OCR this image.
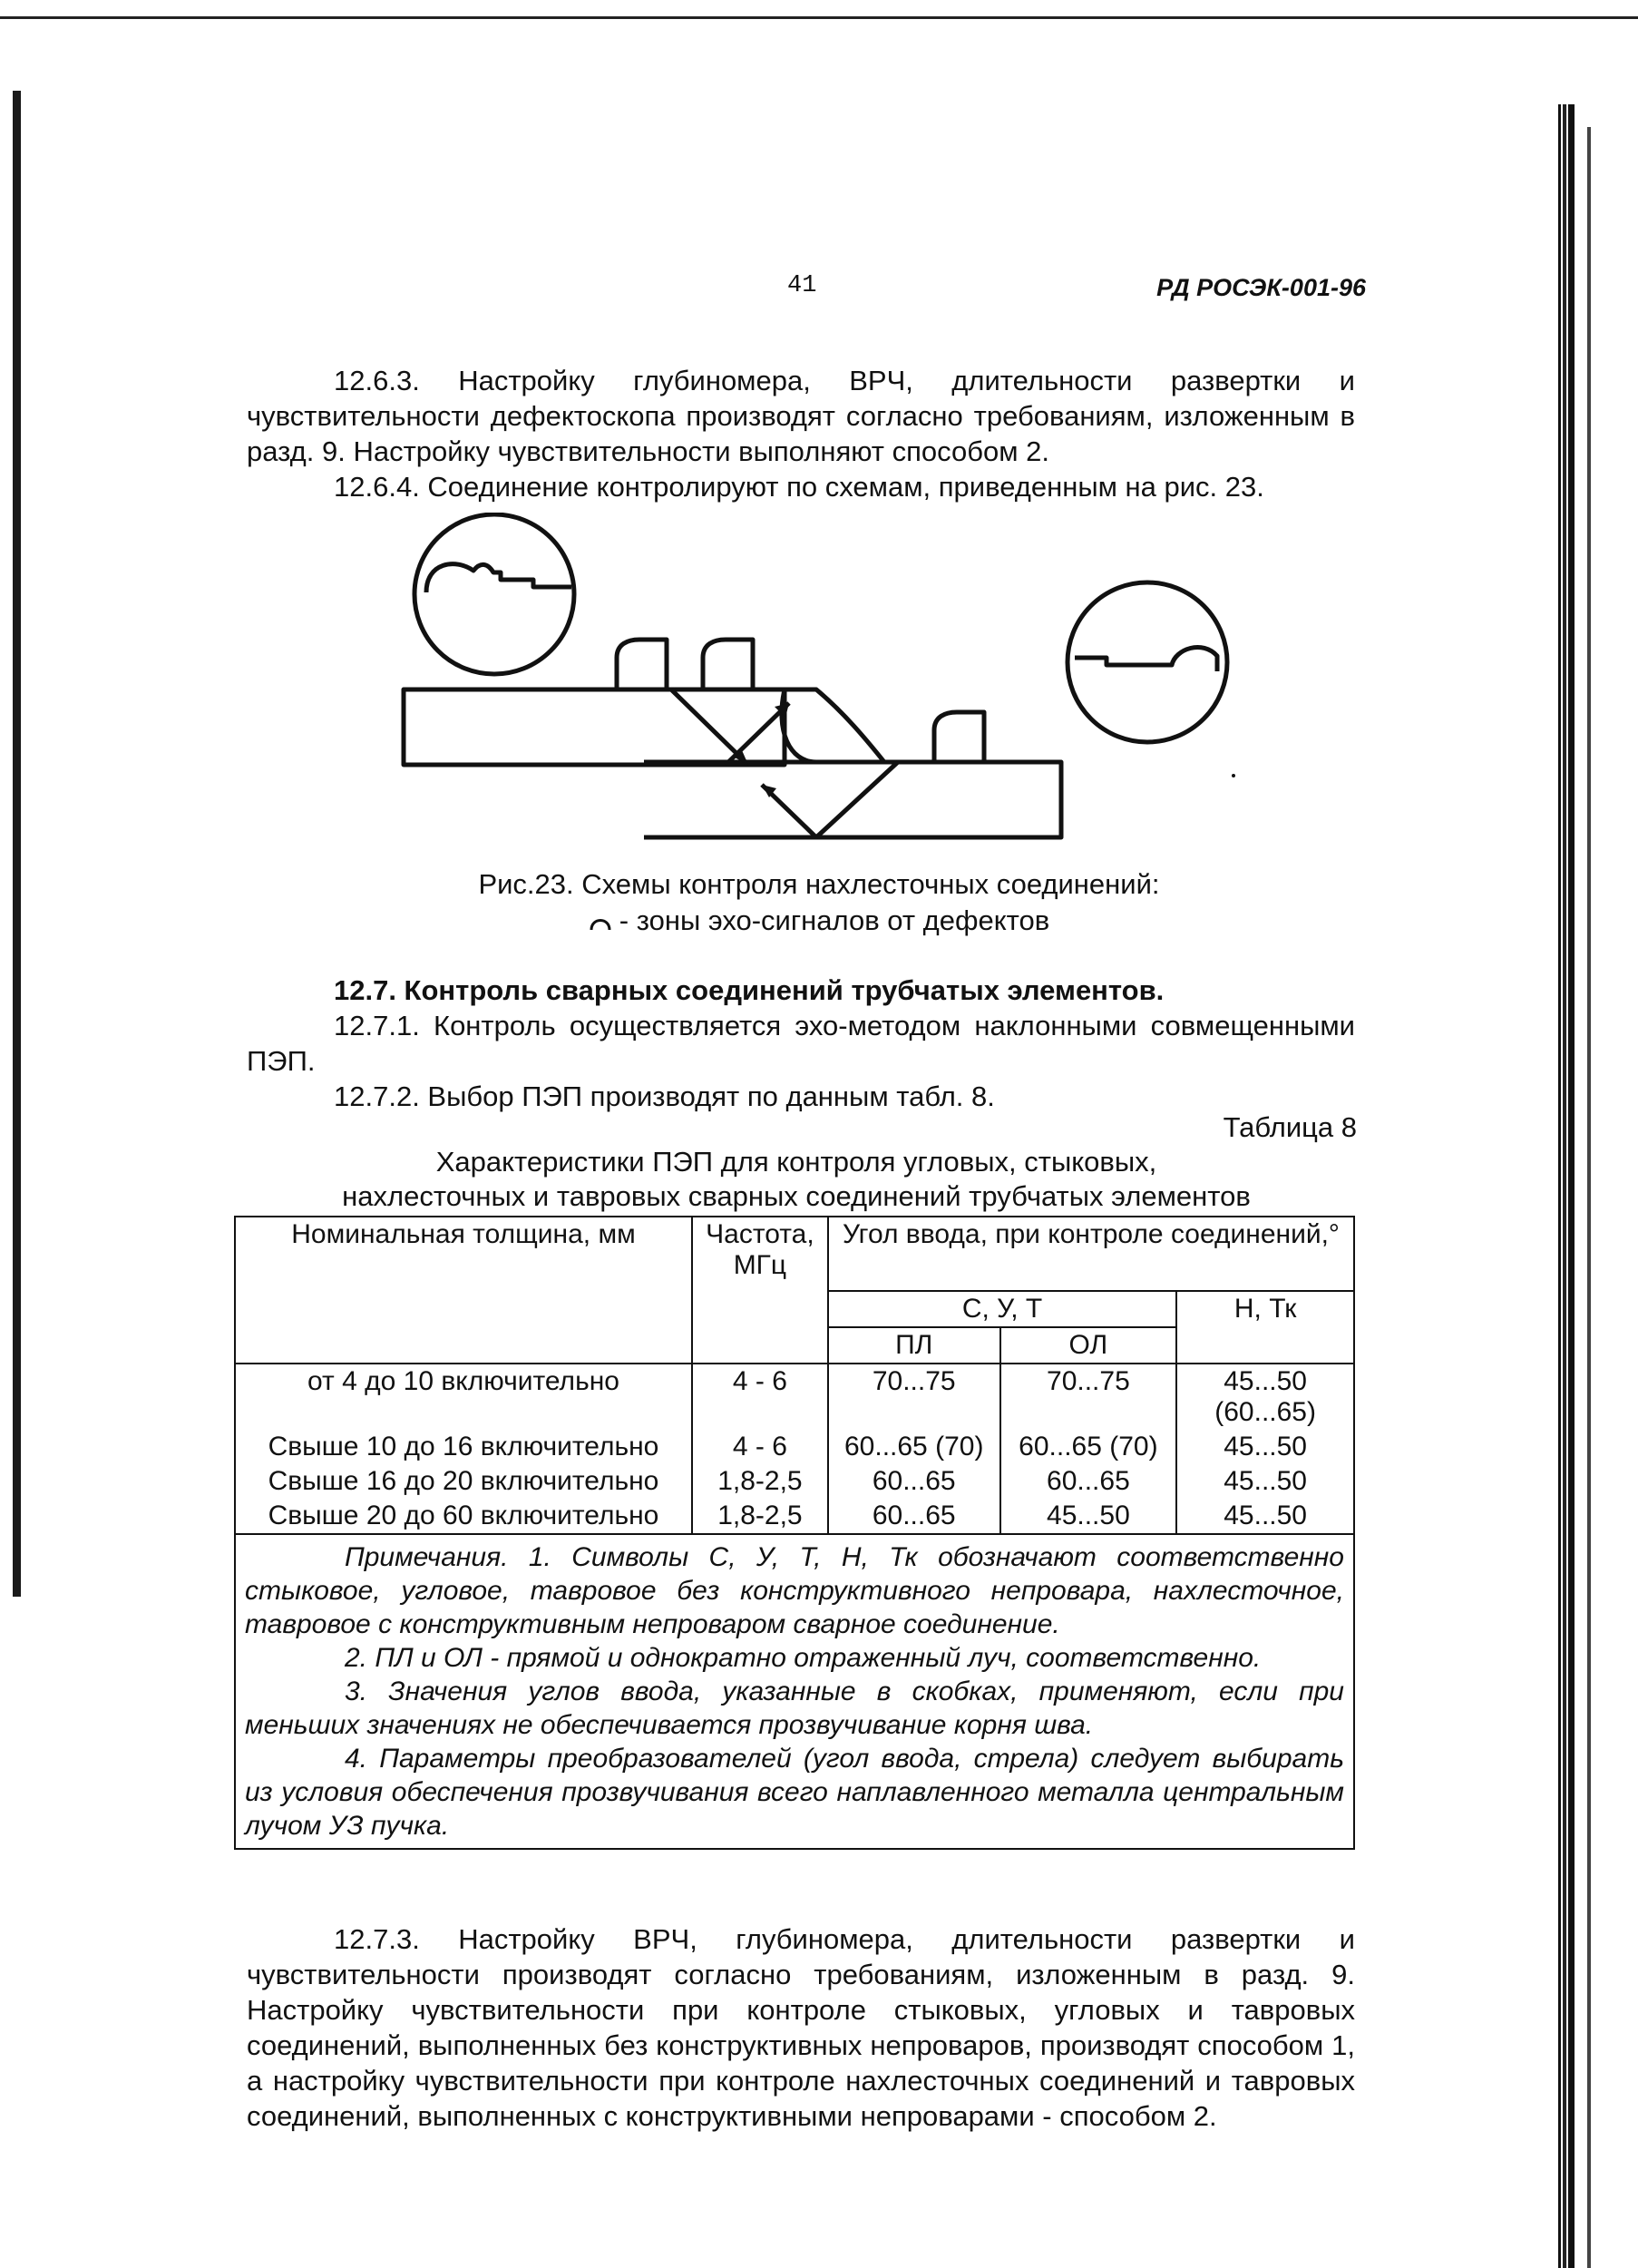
41	РД РОСЭК-001-96

12.6.3. Настройку глубиномера, ВРЧ, длительности развертки и чувствительности дефектоскопа производят согласно требованиям, изложенным в разд. 9. Настройку чувствительности выполняют способом 2.

12.6.4. Соединение контролируют по схемам, приведенным на рис. 23.

Рис.23. Схемы контроля нахлесточных соединений:
- зоны эхо-сигналов от дефектов

12.7. Контроль сварных соединений трубчатых элементов.

12.7.1. Контроль осуществляется эхо-методом наклонными совмещенными ПЭП.

12.7.2. Выбор ПЭП производят по данным табл. 8.

Таблица 8
Характеристики ПЭП для контроля угловых, стыковых,
нахлесточных и тавровых сварных соединений трубчатых элементов
Номинальная толщина, мм	Частота, МГц	Угол ввода, при контроле соединений,°		
		С, У, Т		Н, Тк
		ПЛ	ОЛ	
от 4 до 10 включительно	4 - 6	70...75	70...75	45...50
(60...65)

Свыше 10 до 16 включительно	4 - 6	60...65 (70)	60...65 (70)	45...50
Свыше 16 до 20 включительно	1,8-2,5	60...65	60...65	45...50
Свыше 20 до 60 включительно	1,8-2,5	60...65	45...50	45...50

Примечания. 1. Символы С, У, Т, Н, Тк обозначают соответственно стыковое, угловое, тавровое без конструктивного непровара, нахлесточное, тавровое с конструктивным непроваром сварное соединение.

2. ПЛ и ОЛ - прямой и однократно отраженный луч, соответственно.

3. Значения углов ввода, указанные в скобках, применяют, если при меньших значениях не обеспечивается прозвучивание корня шва.

4. Параметры преобразователей (угол ввода, стрела) следует выбирать из условия обеспечения прозвучивания всего наплавленного металла центральным лучом УЗ пучка.				

12.7.3. Настройку ВРЧ, глубиномера, длительности развертки и чувствительности производят согласно требованиям, изложенным в разд. 9. Настройку чувствительности при контроле стыковых, угловых и тавровых соединений, выполненных без конструктивных непроваров, производят способом 1, а настройку чувствительности при контроле нахлесточных соединений и тавровых соединений, выполненных с конструктивными непроварами - способом 2.
